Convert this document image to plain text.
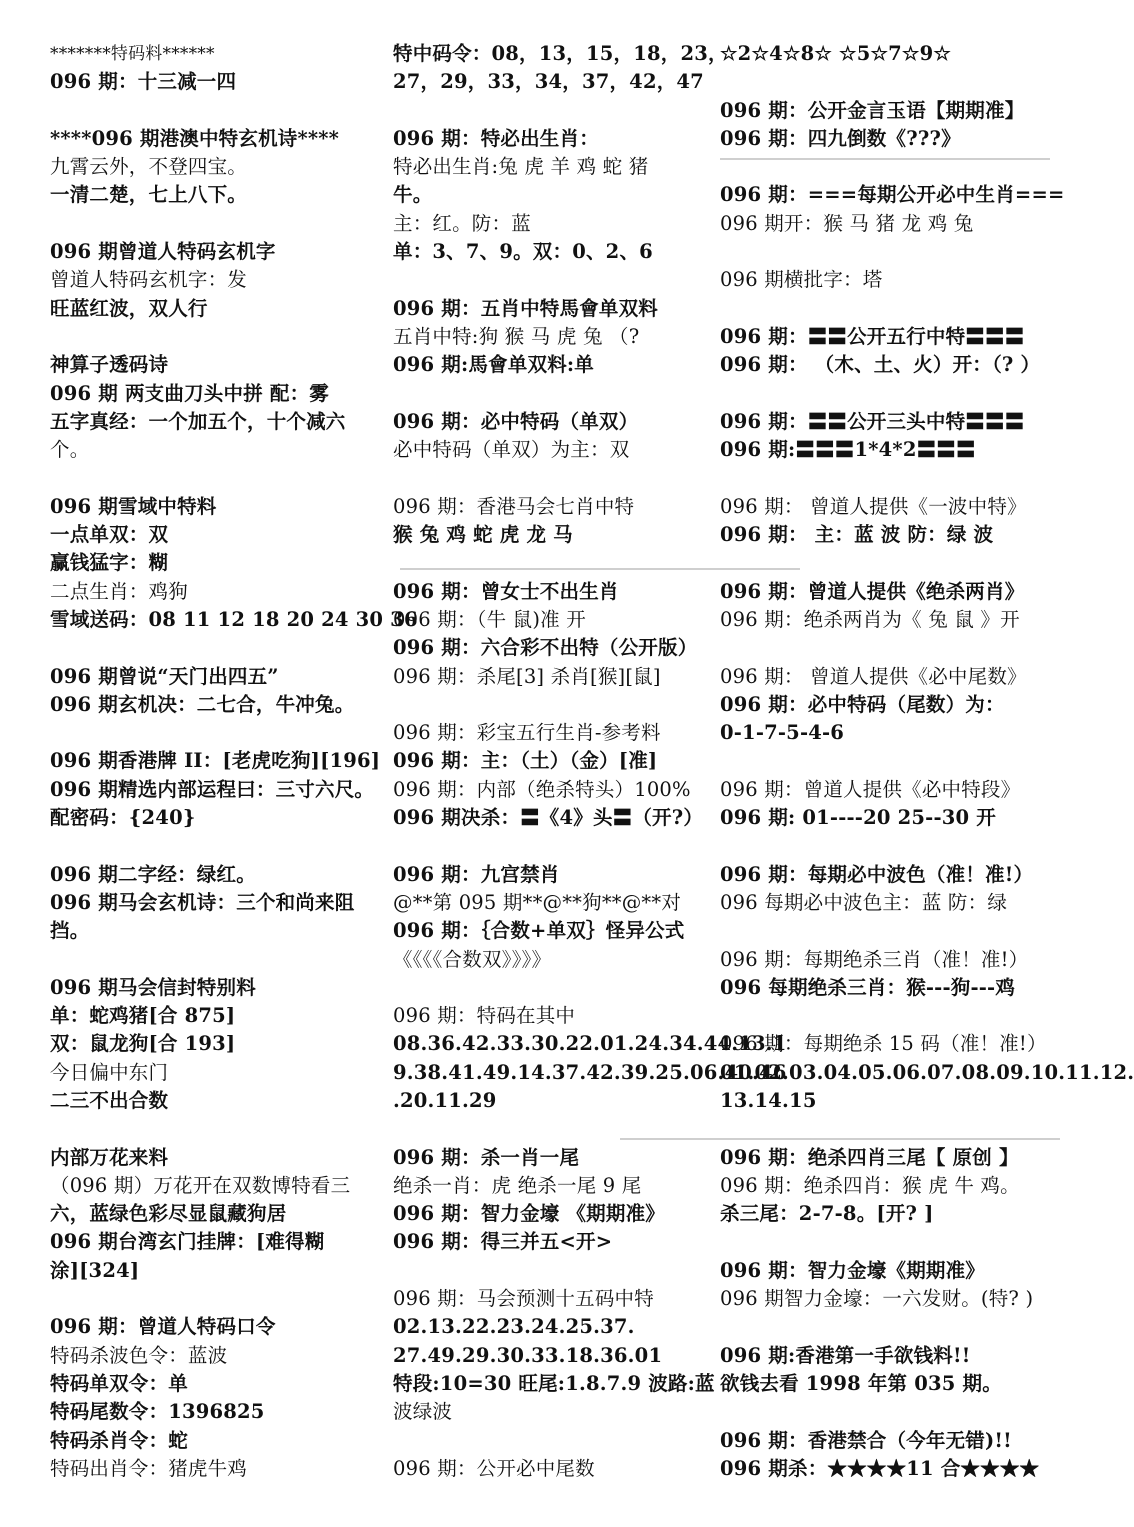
*******特码料******
096 期：十三减一四
****096 期港澳中特玄机诗****
九霄云外，不登四宝。
一清二楚，七上八下。
096 期曾道人特码玄机字
曾道人特码玄机字：发
旺蓝红波，双人行
神算子透码诗
096 期 两支曲刀头中拼 配：雾
五字真经：一个加五个，十个减六
个。
096 期雪域中特料
一点单双：双
赢钱猛字：糊
二点生肖：鸡狗
雪域送码：08 11 12 18 20 24 30 36
096 期曾说“天门出四五”
096 期玄机决：二七合，牛冲兔。
096 期香港牌 II：[老虎吃狗][196]
096 期精选内部运程曰：三寸六尺。
配密码：{240}
096 期二字经：绿红。
096 期马会玄机诗：三个和尚来阻
挡。
096 期马会信封特别料
单：蛇鸡猪[合 875]
双：鼠龙狗[合 193]
今日偏中东门
二三不出合数
内部万花来料
（096 期）万花开在双数博特看三
六，蓝绿色彩尽显鼠藏狗居
096 期台湾玄门挂牌：[难得糊
涂][324]
096 期：曾道人特码口令
特码杀波色令：蓝波
特码单双令：单
特码尾数令：1396825
特码杀肖令：蛇
特码出肖令：猪虎牛鸡
特中码令：08，13，15，18，23，
27，29，33，34，37，42，47
096 期：特必出生肖：
特必出生肖:兔 虎 羊 鸡 蛇 猪
牛。
主：红。防：蓝
单：3、7、9。双：0、2、6
096 期：五肖中特馬會单双料
五肖中特:狗 猴 马 虎 兔 （?
096 期:馬會单双料:单
096 期：必中特码（单双）
必中特码（单双）为主：双
096 期：香港马会七肖中特
猴 兔 鸡 蛇 虎 龙 马
096 期：曾女士不出生肖
096 期：（牛 鼠)准 开
096 期：六合彩不出特（公开版）
096 期：杀尾[3] 杀肖[猴][鼠]
096 期：彩宝五行生肖-参考料
096 期：主：（土）（金）[准]
096 期：内部（绝杀特头）100%
096 期决杀：〓《4》头〓（开?）
096 期：九宫禁肖
@**第 095 期**@**狗**@**对
096 期：｛合数+单双｝怪异公式
《《《《合数双》》》》
096 期：特码在其中
08.36.42.33.30.22.01.24.34.44.13.1
9.38.41.49.14.37.42.39.25.06.40.46
.20.11.29
096 期：杀一肖一尾
绝杀一肖：虎 绝杀一尾 9 尾
096 期：智力金壕 《期期准》
096 期：得三并五<开>
096 期：马会预测十五码中特
02.13.22.23.24.25.37.
27.49.29.30.33.18.36.01
特段:10=30 旺尾:1.8.7.9 波路:蓝
波绿波
096 期：公开必中尾数
☆2☆4☆8☆ ☆5☆7☆9☆
096 期：公开金言玉语【期期准】
096 期：四九倒数《???》
096 期：===每期公开必中生肖===
096 期开：猴 马 猪 龙 鸡 兔
096 期横批字：塔
096 期：〓〓公开五行中特〓〓〓
096 期： （木、土、火）开：（? ）
096 期：〓〓公开三头中特〓〓〓
096 期:〓〓〓1*4*2〓〓〓
096 期： 曾道人提供《一波中特》
096 期： 主：蓝 波 防：绿 波
096 期：曾道人提供《绝杀两肖》
096 期：绝杀两肖为《 兔 鼠 》开
096 期： 曾道人提供《必中尾数》
096 期：必中特码（尾数）为：
0-1-7-5-4-6
096 期：曾道人提供《必中特段》
096 期: 01----20 25--30 开
096 期：每期必中波色（准！准!）
096 每期必中波色主：蓝 防：绿
096 期：每期绝杀三肖（准！准!）
096 每期绝杀三肖：猴---狗---鸡
096 期：每期绝杀 15 码（准！准!）
01.02.03.04.05.06.07.08.09.10.11.12.
13.14.15
096 期：绝杀四肖三尾【 原创 】
096 期：绝杀四肖：猴 虎 牛 鸡。
杀三尾：2-7-8。[开? ]
096 期：智力金壕《期期准》
096 期智力金壕：一六发财。(特? )
096 期:香港第一手欲钱料!!
欲钱去看 1998 年第 035 期。
096 期：香港禁合（今年无错)!!
096 期杀：★★★★11 合★★★★
